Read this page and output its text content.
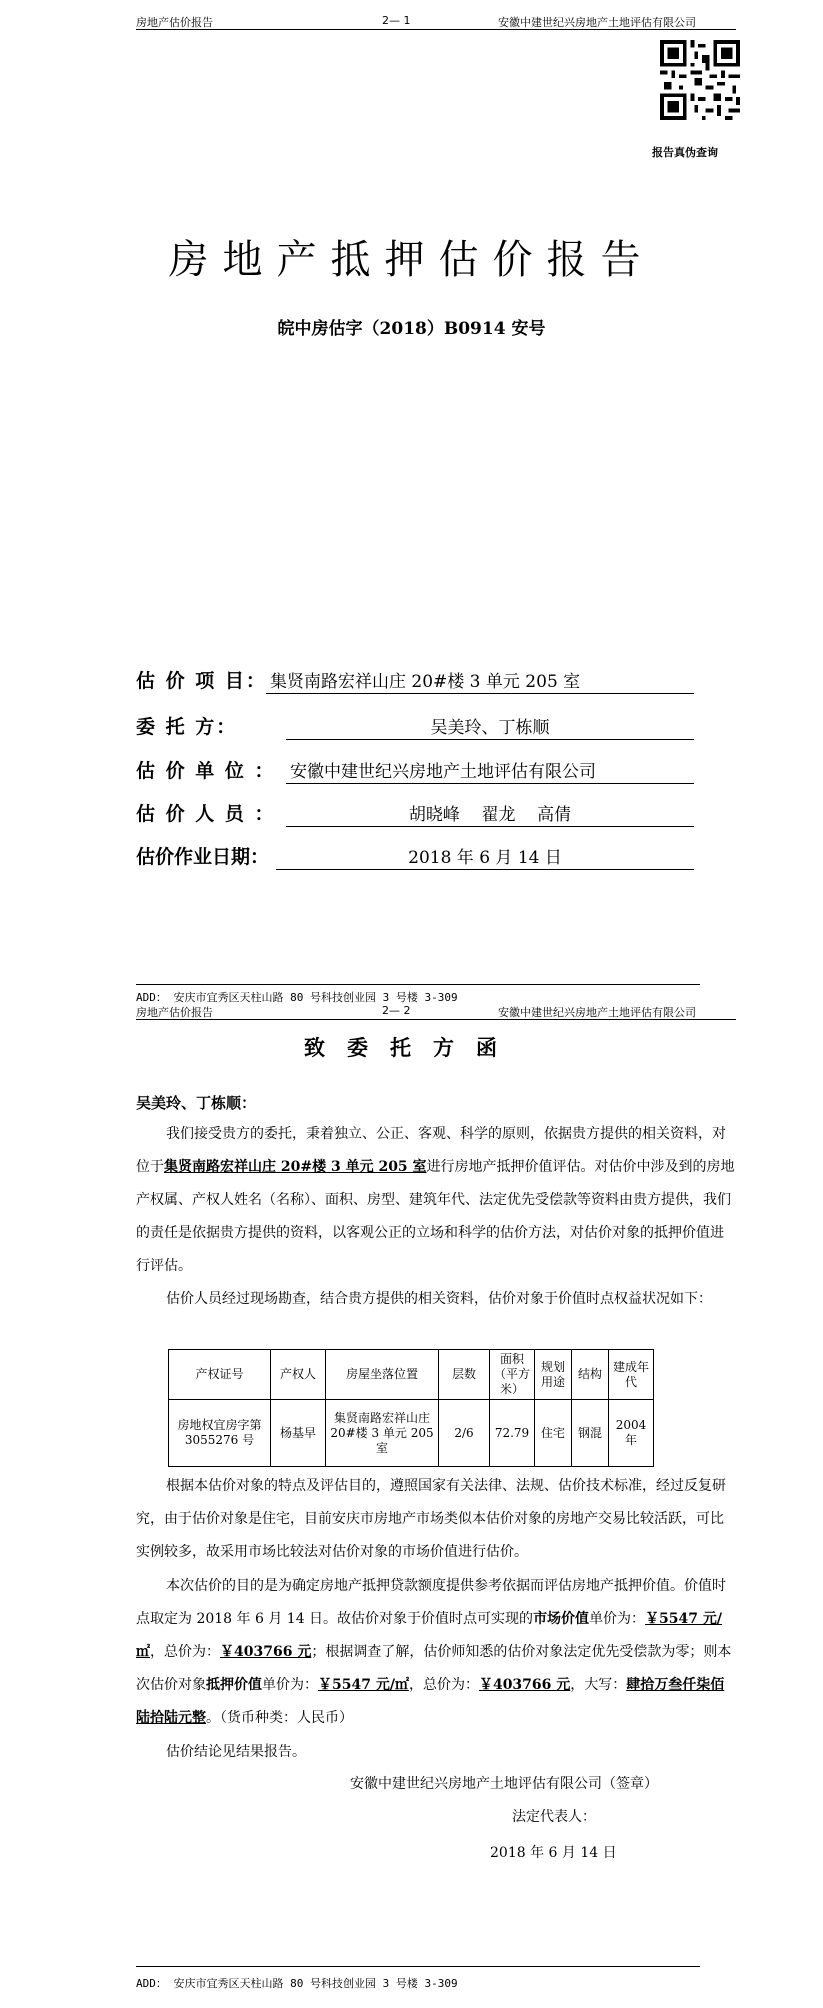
房地产估价报告	2— 1	安徽中建世纪兴房地产土地评估有限公司
报告真伪查询
房地产抵押估价报告
皖中房估字（2018）B0914 安号
估 价 项 目： 集贤南路宏祥山庄 20#楼 3 单元 205 室
委 托 方：	吴美玲、丁栋顺
估 价 单 位 ： 安徽中建世纪兴房地产土地评估有限公司
估 价 人 员 ：	胡晓峰    翟龙    高倩
估价作业日期：	2018 年 6 月 14 日
ADD： 安庆市宜秀区天柱山路 80 号科技创业园 3 号楼 3-309
房地产估价报告	2— 2	安徽中建世纪兴房地产土地评估有限公司
致委托方函
吴美玲、丁栋顺：
我们接受贵方的委托，秉着独立、公正、客观、科学的原则，依据贵方提供的相关资料，对位于集贤南路宏祥山庄 20#楼 3 单元 205 室进行房地产抵押价值评估。对估价中涉及到的房地产权属、产权人姓名（名称）、面积、房型、建筑年代、法定优先受偿款等资料由贵方提供，我们的责任是依据贵方提供的资料，以客观公正的立场和科学的估价方法，对估价对象的抵押价值进行评估。
估价人员经过现场勘查，结合贵方提供的相关资料，估价对象于价值时点权益状况如下：
产权证号	产权人	房屋坐落位置	层数	面积（平方米）	规划用途	结构	建成年代
房地权宜房字第 3055276 号	杨基早	集贤南路宏祥山庄 20#楼 3 单元 205 室	2/6	72.79	住宅	钢混	2004年
根据本估价对象的特点及评估目的，遵照国家有关法律、法规、估价技术标准，经过反复研究，由于估价对象是住宅，目前安庆市房地产市场类似本估价对象的房地产交易比较活跃，可比实例较多，故采用市场比较法对估价对象的市场价值进行估价。
本次估价的目的是为确定房地产抵押贷款额度提供参考依据而评估房地产抵押价值。价值时点取定为 2018 年 6 月 14 日。故估价对象于价值时点可实现的市场价值单价为：￥5547 元/㎡，总价为：￥403766 元；根据调查了解，估价师知悉的估价对象法定优先受偿款为零；则本次估价对象抵押价值单价为：￥5547 元/㎡，总价为：￥403766 元，大写：肆拾万叁仟柒佰陆拾陆元整。（货币种类：人民币）
估价结论见结果报告。
安徽中建世纪兴房地产土地评估有限公司（签章）
法定代表人：
2018 年 6 月 14 日
ADD： 安庆市宜秀区天柱山路 80 号科技创业园 3 号楼 3-309
